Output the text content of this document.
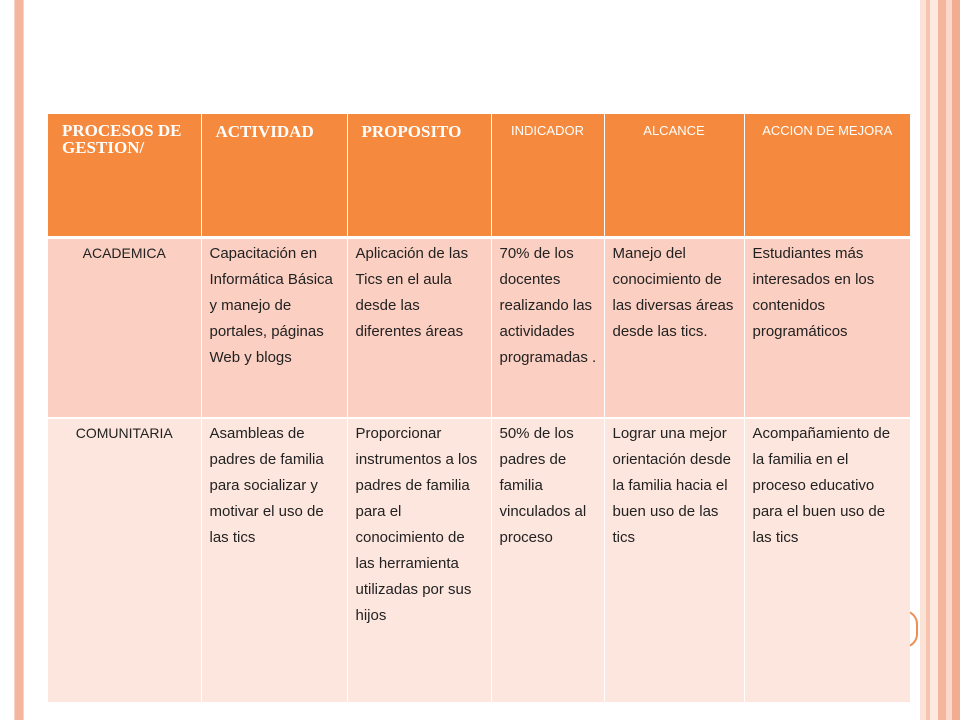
PROCESOS DE GESTION/	ACTIVIDAD	PROPOSITO	INDICADOR	ALCANCE	ACCION DE MEJORA

ACADEMICA	Capacitación en Informática Básica y manejo de portales, páginas Web y blogs	Aplicación de las Tics en el aula desde las diferentes áreas	70% de los docentes realizando las actividades programadas .	Manejo del conocimiento de las diversas áreas desde las tics.	Estudiantes más interesados en los contenidos programáticos

COMUNITARIA	Asambleas de padres de familia para socializar y motivar el uso de las tics	Proporcionar instrumentos a los padres de familia para el conocimiento de las herramienta utilizadas por sus hijos	50% de los padres de familia vinculados al proceso	Lograr una mejor orientación desde la familia hacia el buen uso de las tics	Acompañamiento de la familia en el proceso educativo para el buen uso de las tics
